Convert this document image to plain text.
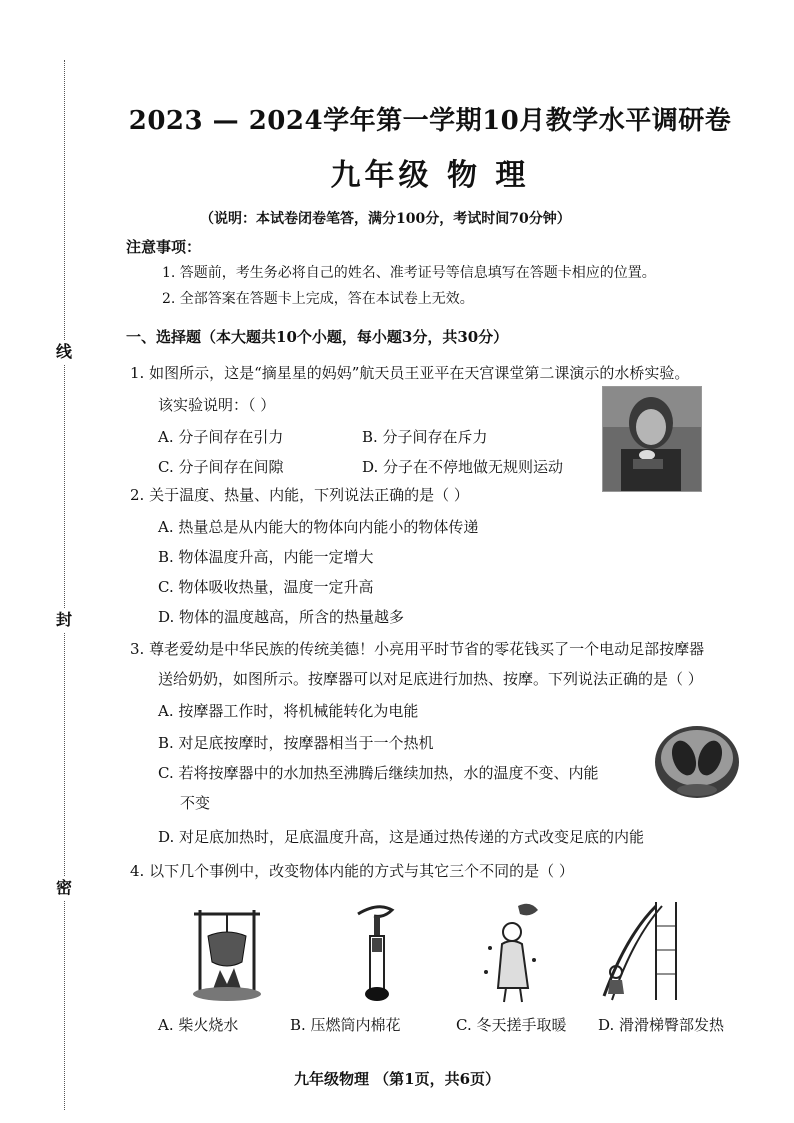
线
封
密
2023 — 2024学年第一学期10月教学水平调研卷
九年级 物 理
（说明：本试卷闭卷笔答，满分100分，考试时间70分钟）
注意事项：
1. 答题前，考生务必将自己的姓名、准考证号等信息填写在答题卡相应的位置。
2. 全部答案在答题卡上完成，答在本试卷上无效。
一、选择题（本大题共10个小题，每小题3分，共30分）
1. 如图所示，这是“摘星星的妈妈”航天员王亚平在天宫课堂第二课演示的水桥实验。
该实验说明：（ ）
A. 分子间存在引力	B. 分子间存在斥力
C. 分子间存在间隙	D. 分子在不停地做无规则运动
2. 关于温度、热量、内能，下列说法正确的是（ ）
A. 热量总是从内能大的物体向内能小的物体传递
B. 物体温度升高，内能一定增大
C. 物体吸收热量，温度一定升高
D. 物体的温度越高，所含的热量越多
3. 尊老爱幼是中华民族的传统美德！小亮用平时节省的零花钱买了一个电动足部按摩器
送给奶奶，如图所示。按摩器可以对足底进行加热、按摩。下列说法正确的是（ ）
A. 按摩器工作时，将机械能转化为电能
B. 对足底按摩时，按摩器相当于一个热机
C. 若将按摩器中的水加热至沸腾后继续加热，水的温度不变、内能
不变
D. 对足底加热时，足底温度升高，这是通过热传递的方式改变足底的内能
4. 以下几个事例中，改变物体内能的方式与其它三个不同的是（ ）
A. 柴火烧水	B. 压燃筒内棉花	C. 冬天搓手取暖 D. 滑滑梯臀部发热
九年级物理 （第1页，共6页）
